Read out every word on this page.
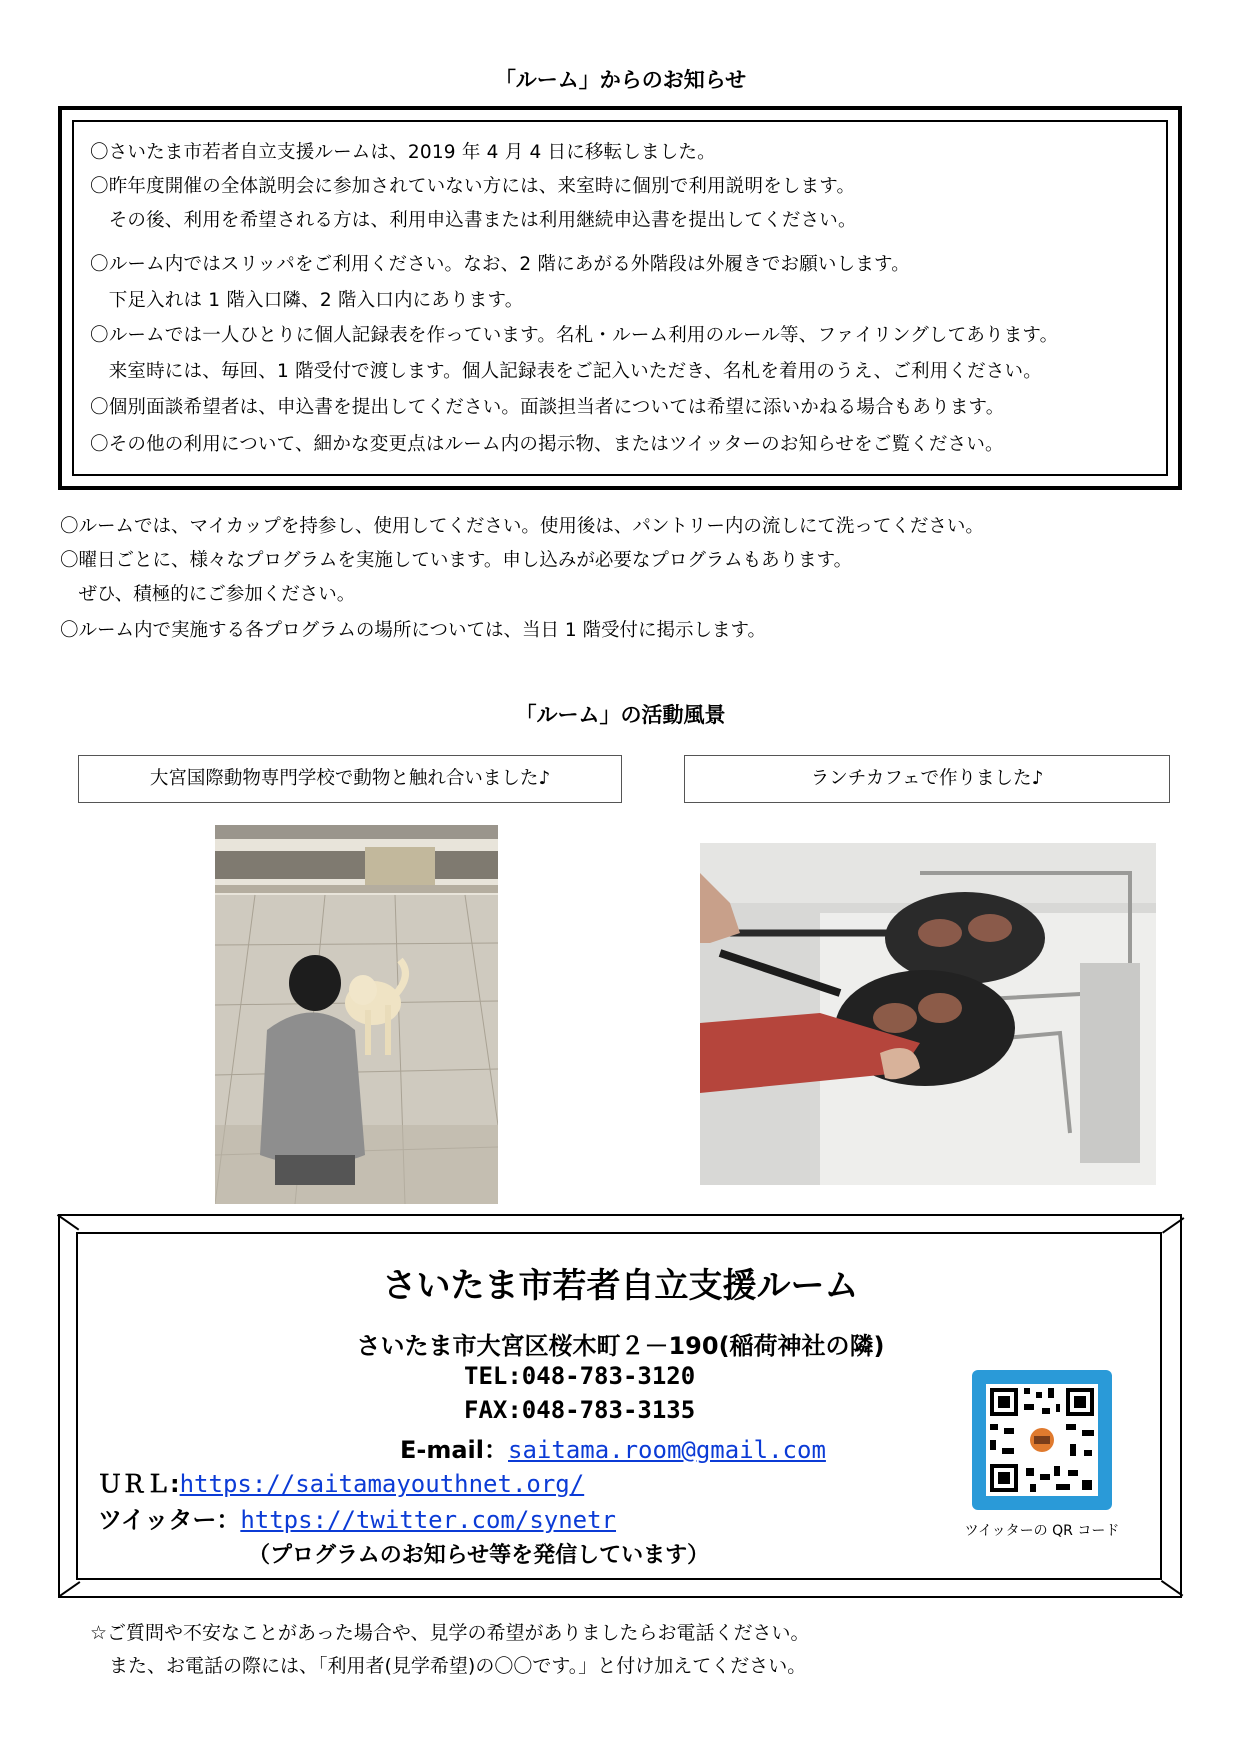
「ルーム」からのお知らせ
〇さいたま市若者自立支援ルームは、2019 年 4 月 4 日に移転しました。
〇昨年度開催の全体説明会に参加されていない方には、来室時に個別で利用説明をします。
　その後、利用を希望される方は、利用申込書または利用継続申込書を提出してください。
〇ルーム内ではスリッパをご利用ください。なお、2 階にあがる外階段は外履きでお願いします。
　下足入れは 1 階入口隣、2 階入口内にあります。
〇ルームでは一人ひとりに個人記録表を作っています。名札・ルーム利用のルール等、ファイリングしてあります。
　来室時には、毎回、1 階受付で渡します。個人記録表をご記入いただき、名札を着用のうえ、ご利用ください。
〇個別面談希望者は、申込書を提出してください。面談担当者については希望に添いかねる場合もあります。
〇その他の利用について、細かな変更点はルーム内の掲示物、またはツイッターのお知らせをご覧ください。
〇ルームでは、マイカップを持参し、使用してください。使用後は、パントリー内の流しにて洗ってください。
〇曜日ごとに、様々なプログラムを実施しています。申し込みが必要なプログラムもあります。
　ぜひ、積極的にご参加ください。
〇ルーム内で実施する各プログラムの場所については、当日 1 階受付に掲示します。
「ルーム」の活動風景
大宮国際動物専門学校で動物と触れ合いました♪	ランチカフェで作りました♪
さいたま市若者自立支援ルーム
さいたま市大宮区桜木町２－190(稲荷神社の隣)
TEL:048-783-3120
FAX:048-783-3135
E-mail：saitama.room@gmail.com
ＵＲＬ:https://saitamayouthnet.org/
ツイッター：https://twitter.com/synetr
（プログラムのお知らせ等を発信しています）
ツイッターの QR コード
☆ご質問や不安なことがあった場合や、見学の希望がありましたらお電話ください。
　また、お電話の際には、「利用者(見学希望)の〇〇です。」と付け加えてください。
